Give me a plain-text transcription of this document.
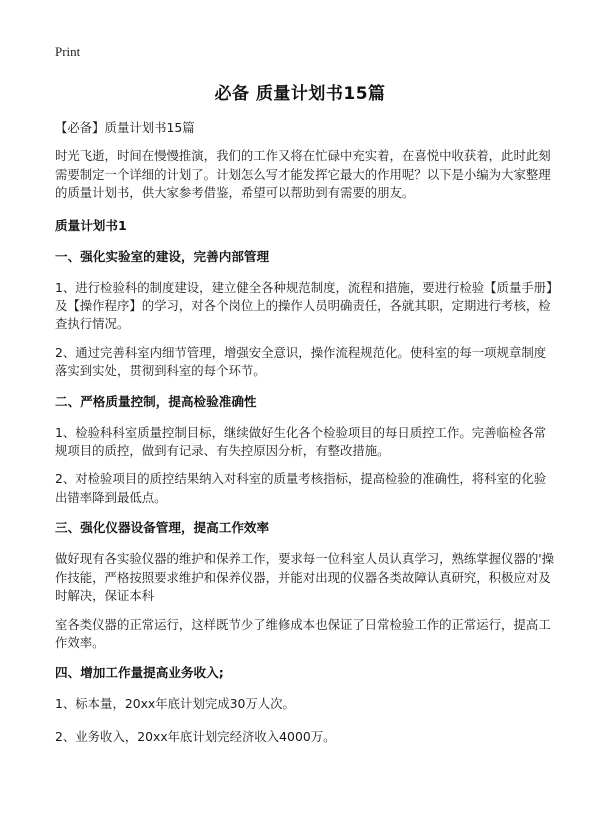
Print
必备 质量计划书15篇

【必备】质量计划书15篇

时光飞逝，时间在慢慢推演，我们的工作又将在忙碌中充实着，在喜悦中收获着，此时此刻需要制定一个详细的计划了。计划怎么写才能发挥它最大的作用呢？以下是小编为大家整理的质量计划书，供大家参考借鉴，希望可以帮助到有需要的朋友。

质量计划书1
一、强化实验室的建设，完善内部管理

1、进行检验科的制度建设，建立健全各种规范制度，流程和措施，要进行检验【质量手册】及【操作程序】的学习，对各个岗位上的操作人员明确责任，各就其职，定期进行考核，检查执行情况。

2、通过完善科室内细节管理，增强安全意识，操作流程规范化。使科室的每一项规章制度落实到实处，贯彻到科室的每个环节。

二、严格质量控制，提高检验准确性

1、检验科科室质量控制目标，继续做好生化各个检验项目的每日质控工作。完善临检各常规项目的质控，做到有记录、有失控原因分析，有整改措施。

2、对检验项目的质控结果纳入对科室的质量考核指标，提高检验的准确性，将科室的化验出错率降到最低点。

三、强化仪器设备管理，提高工作效率

做好现有各实验仪器的维护和保养工作，要求每一位科室人员认真学习，熟练掌握仪器的'操作技能，严格按照要求维护和保养仪器，并能对出现的仪器各类故障认真研究，积极应对及时解决，保证本科

室各类仪器的正常运行，这样既节少了维修成本也保证了日常检验工作的正常运行，提高工作效率。

四、增加工作量提高业务收入;

1、标本量，20xx年底计划完成30万人次。

2、业务收入，20xx年底计划完经济收入4000万。
